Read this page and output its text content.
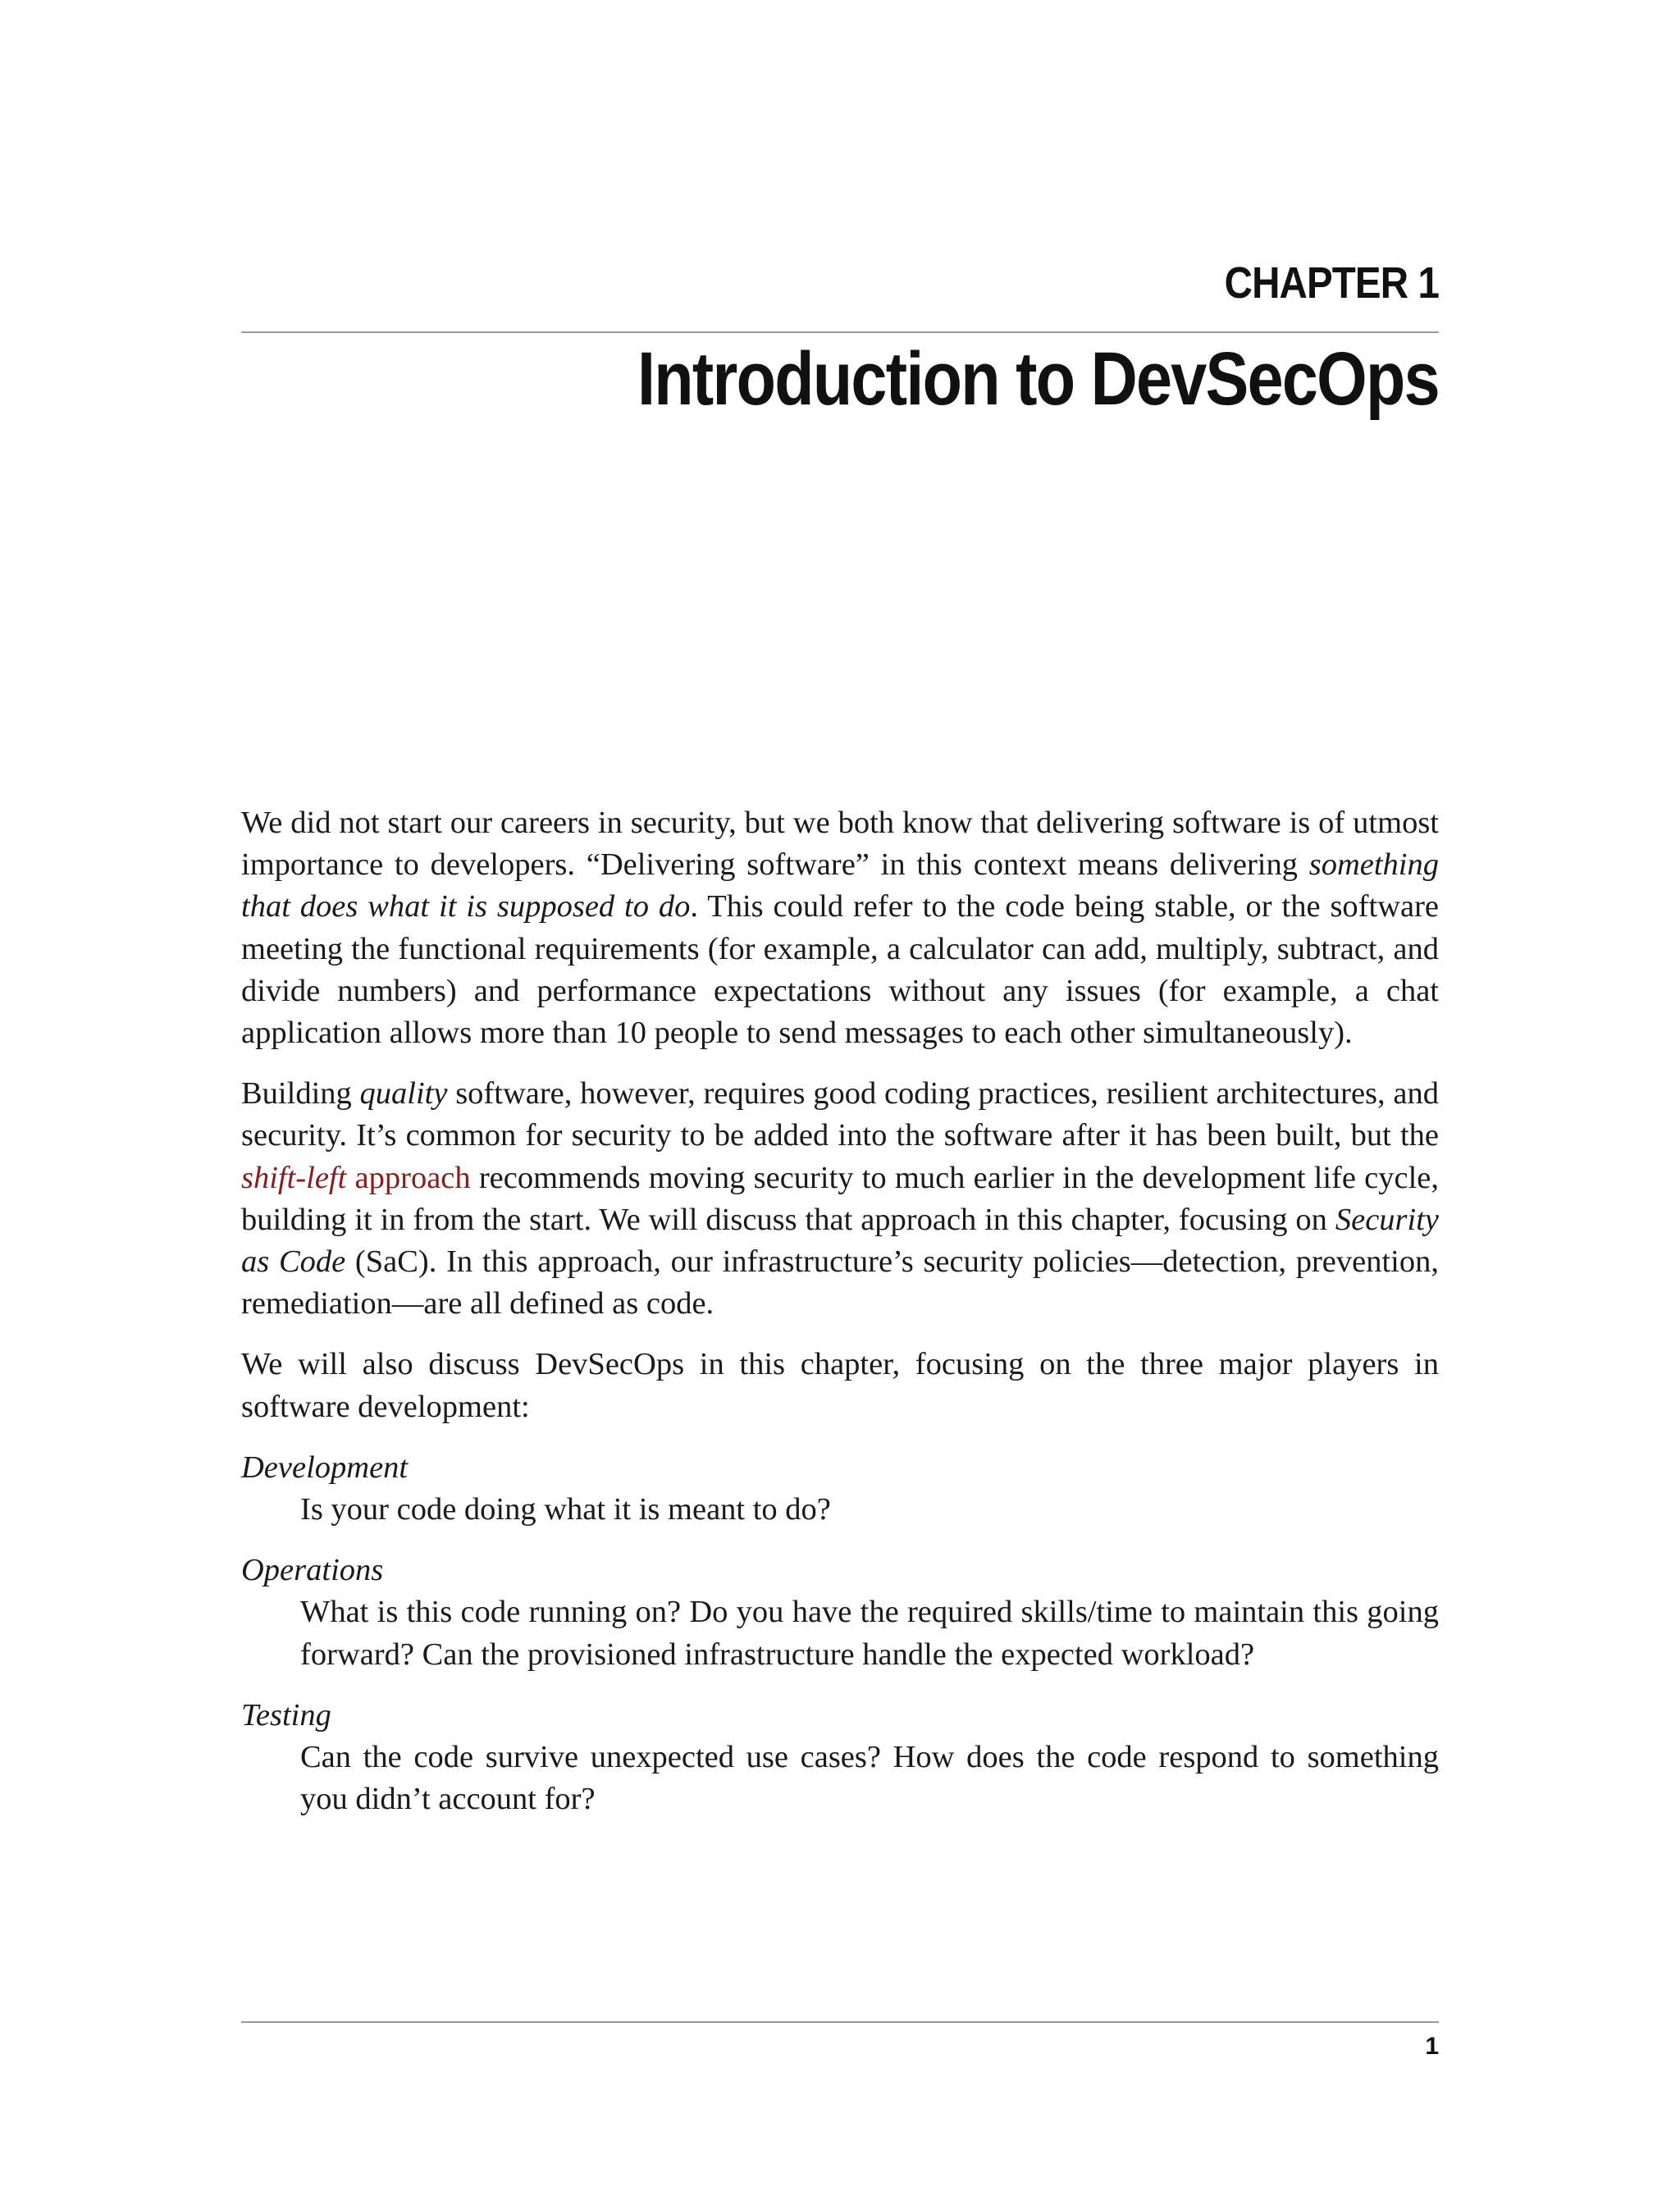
CHAPTER 1
Introduction to DevSecOps

We did not start our careers in security, but we both know that delivering software is of utmost importance to developers. “Delivering software” in this context means delivering something that does what it is supposed to do. This could refer to the code being stable, or the software meeting the functional requirements (for example, a calculator can add, multiply, subtract, and divide numbers) and performance expectations without any issues (for example, a chat application allows more than 10 people to send messages to each other simultaneously).

Building quality software, however, requires good coding practices, resilient architectures, and security. It’s common for security to be added into the software after it has been built, but the shift-left approach recommends moving security to much earlier in the development life cycle, building it in from the start. We will discuss that approach in this chapter, focusing on Security as Code (SaC). In this approach, our infrastructure’s security policies—detection, prevention, remediation—are all defined as code.

We will also discuss DevSecOps in this chapter, focusing on the three major players in software development:

Development
Is your code doing what it is meant to do?
Operations
What is this code running on? Do you have the required skills/time to maintain this going forward? Can the provisioned infrastructure handle the expected workload?
Testing
Can the code survive unexpected use cases? How does the code respond to something you didn’t account for?
1
